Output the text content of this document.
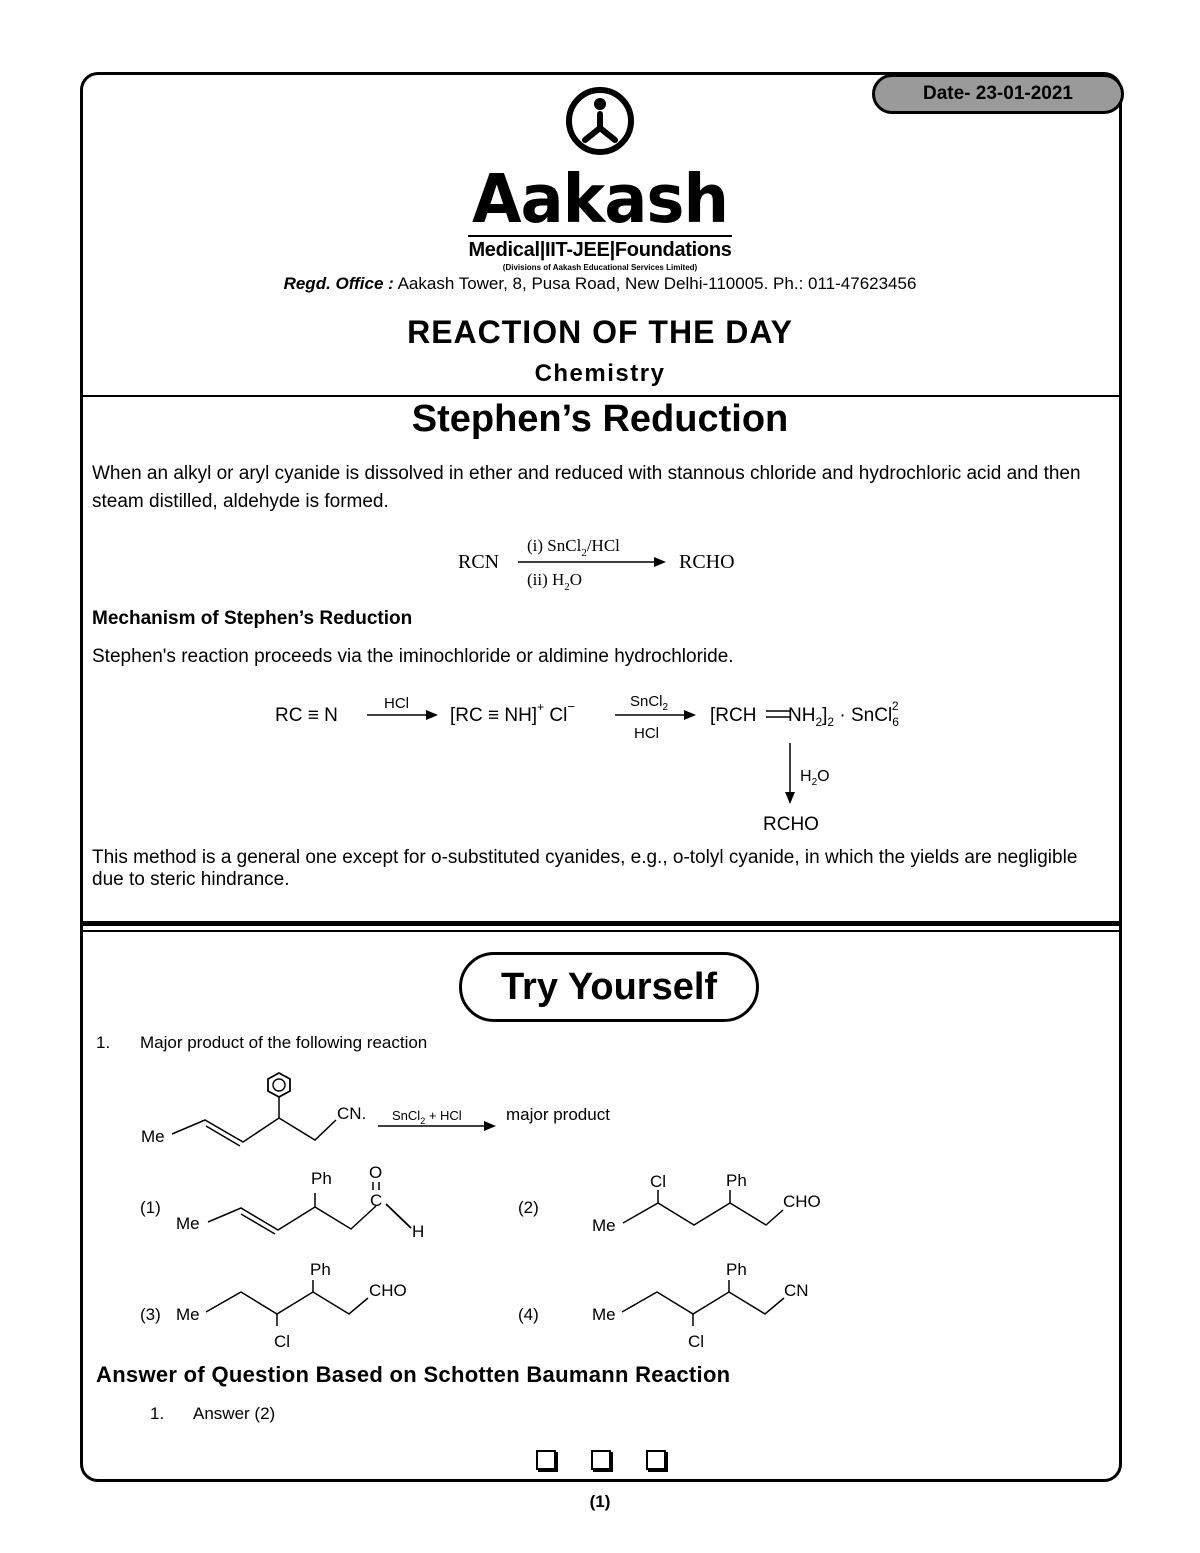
Date- 23-01-2021
Aakash
Medical|IIT-JEE|Foundations
(Divisions of Aakash Educational Services Limited)
Regd. Office : Aakash Tower, 8, Pusa Road, New Delhi-110005. Ph.: 011-47623456
REACTION OF THE DAY
Chemistry
Stephen’s Reduction
When an alkyl or aryl cyanide is dissolved in ether and reduced with stannous chloride and hydrochloric acid and then steam distilled, aldehyde is formed.
RCN
(i) SnCl$_2$/HCl
(ii) $H_2O$
RCHO
Mechanism of Stephen’s Reduction
Stephen's reaction proceeds via the iminochloride or aldimine hydrochloride.
RC ≡ N
HCl
[RC ≡ NH]+ Cl−	SnCl$_2$
HCl
[RCH $NH_2]_2$ · SnCl$_6$2
$H_2O$
RCHO
This method is a general one except for o-substituted cyanides, e.g., o-tolyl cyanide, in which the yields are negligible due to steric hindrance.
Try Yourself
1. Major product of the following reaction
Me
CN. SnCl$_2$ + HCl	major product
(1)
Me
Ph
C
O
H
(2)
Me
Cl	Ph
CHO
(3) Me
Cl
Ph
CHO
(4)	Me
Cl
Ph
CN
Answer of Question Based on Schotten Baumann Reaction
1. Answer (2)
(1)
